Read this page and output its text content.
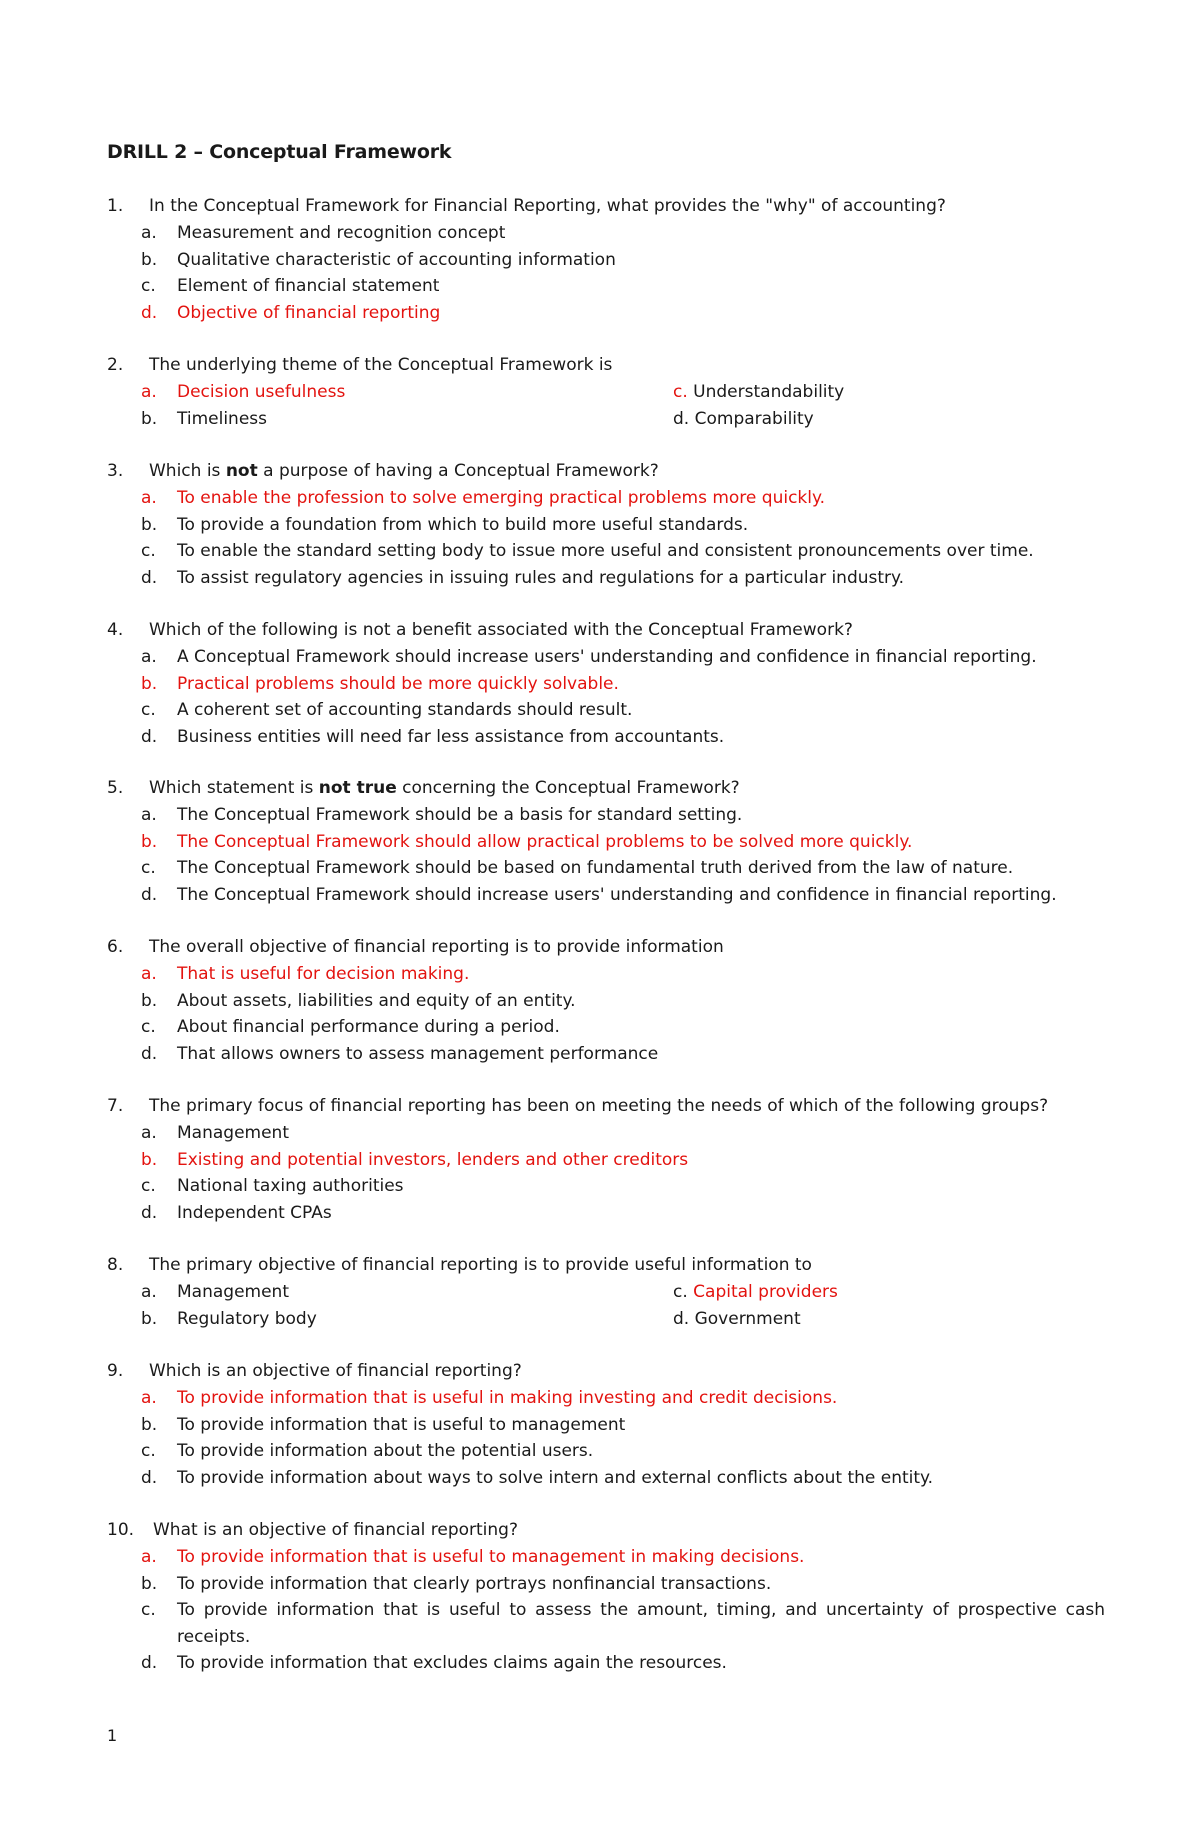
DRILL 2 – Conceptual Framework
1. In the Conceptual Framework for Financial Reporting, what provides the "why" of accounting?
a. Measurement and recognition concept
b. Qualitative characteristic of accounting information
c. Element of financial statement
d. Objective of financial reporting
2. The underlying theme of the Conceptual Framework is
a. Decision usefulness	c. Understandability
b. Timeliness	d. Comparability
3. Which is not a purpose of having a Conceptual Framework?
a. To enable the profession to solve emerging practical problems more quickly.
b. To provide a foundation from which to build more useful standards.
c. To enable the standard setting body to issue more useful and consistent pronouncements over time.
d. To assist regulatory agencies in issuing rules and regulations for a particular industry.
4. Which of the following is not a benefit associated with the Conceptual Framework?
a. A Conceptual Framework should increase users' understanding and confidence in financial reporting.
b. Practical problems should be more quickly solvable.
c. A coherent set of accounting standards should result.
d. Business entities will need far less assistance from accountants.
5. Which statement is not true concerning the Conceptual Framework?
a. The Conceptual Framework should be a basis for standard setting.
b. The Conceptual Framework should allow practical problems to be solved more quickly.
c. The Conceptual Framework should be based on fundamental truth derived from the law of nature.
d. The Conceptual Framework should increase users' understanding and confidence in financial reporting.
6. The overall objective of financial reporting is to provide information
a. That is useful for decision making.
b. About assets, liabilities and equity of an entity.
c. About financial performance during a period.
d. That allows owners to assess management performance
7. The primary focus of financial reporting has been on meeting the needs of which of the following groups?
a. Management
b. Existing and potential investors, lenders and other creditors
c. National taxing authorities
d. Independent CPAs
8. The primary objective of financial reporting is to provide useful information to
a. Management	c. Capital providers
b. Regulatory body	d. Government
9. Which is an objective of financial reporting?
a. To provide information that is useful in making investing and credit decisions.
b. To provide information that is useful to management
c. To provide information about the potential users.
d. To provide information about ways to solve intern and external conflicts about the entity.
10. What is an objective of financial reporting?
a. To provide information that is useful to management in making decisions.
b. To provide information that clearly portrays nonfinancial transactions.
c. To provide information that is useful to assess the amount, timing, and uncertainty of prospective cash receipts.
d. To provide information that excludes claims again the resources.
1
